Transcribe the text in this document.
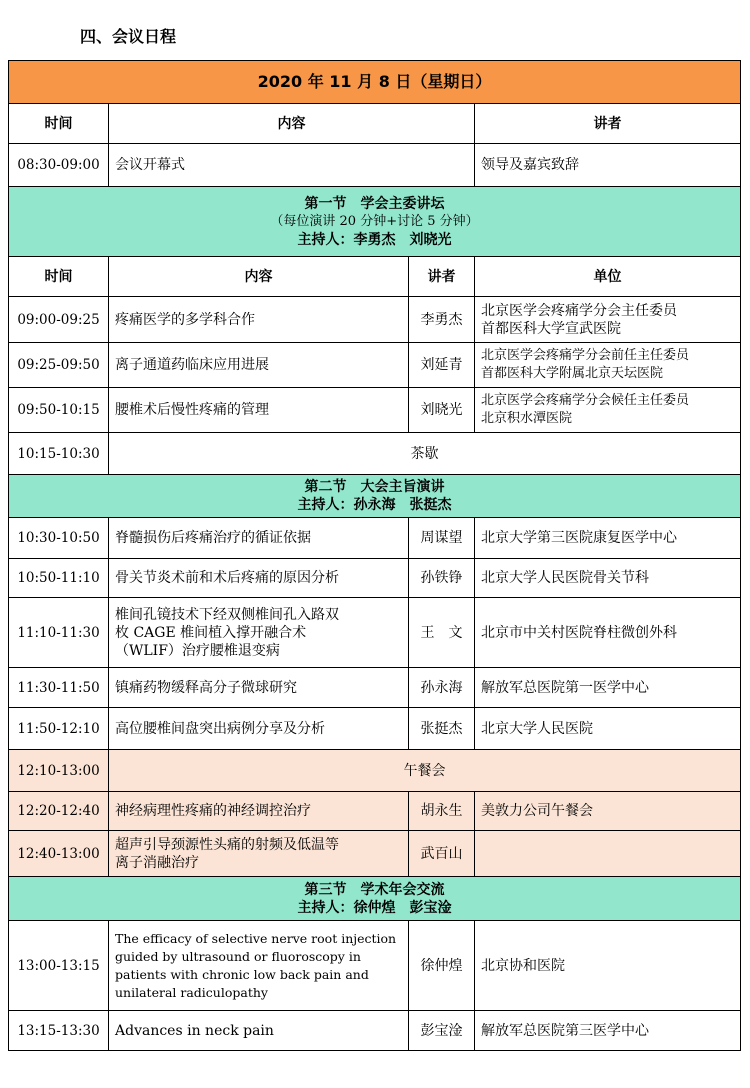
四、会议日程
2020 年 11 月 8 日（星期日）			
时间	内容		讲者
08:30-09:00	会议开幕式		领导及嘉宾致辞

第一节　学会主委讲坛
（每位演讲 20 分钟+讨论 5 分钟）
主持人：李勇杰　刘晓光			

时间	内容	讲者	单位
09:00-09:25	疼痛医学的多学科合作	李勇杰	北京医学会疼痛学分会主任委员
首都医科大学宣武医院

09:25-09:50	离子通道药临床应用进展	刘延青	北京医学会疼痛学分会前任主任委员
首都医科大学附属北京天坛医院

09:50-10:15	腰椎术后慢性疼痛的管理	刘晓光	北京医学会疼痛学分会候任主任委员
北京积水潭医院

10:15-10:30	茶歇		

第二节　大会主旨演讲
主持人：孙永海　张挺杰			

10:30-10:50	脊髓损伤后疼痛治疗的循证依据	周谋望	北京大学第三医院康复医学中心
10:50-11:10	骨关节炎术前和术后疼痛的原因分析	孙铁铮	北京大学人民医院骨关节科
11:10-11:30	椎间孔镜技术下经双侧椎间孔入路双
枚 CAGE 椎间植入撑开融合术
（WLIF）治疗腰椎退变病	王　文	北京市中关村医院脊柱微创外科
11:30-11:50	镇痛药物缓释高分子微球研究	孙永海	解放军总医院第一医学中心
11:50-12:10	高位腰椎间盘突出病例分享及分析	张挺杰	北京大学人民医院
12:10-13:00	午餐会		
12:20-12:40	神经病理性疼痛的神经调控治疗	胡永生	美敦力公司午餐会
12:40-13:00	超声引导颈源性头痛的射频及低温等
离子消融治疗	武百山	

第三节　学术年会交流
主持人：徐仲煌　彭宝淦			

13:00-13:15	The efficacy of selective nerve root injection
guided by ultrasound or fluoroscopy in
patients with chronic low back pain and
unilateral radiculopathy	徐仲煌	北京协和医院
13:15-13:30	Advances in neck pain	彭宝淦	解放军总医院第三医学中心
